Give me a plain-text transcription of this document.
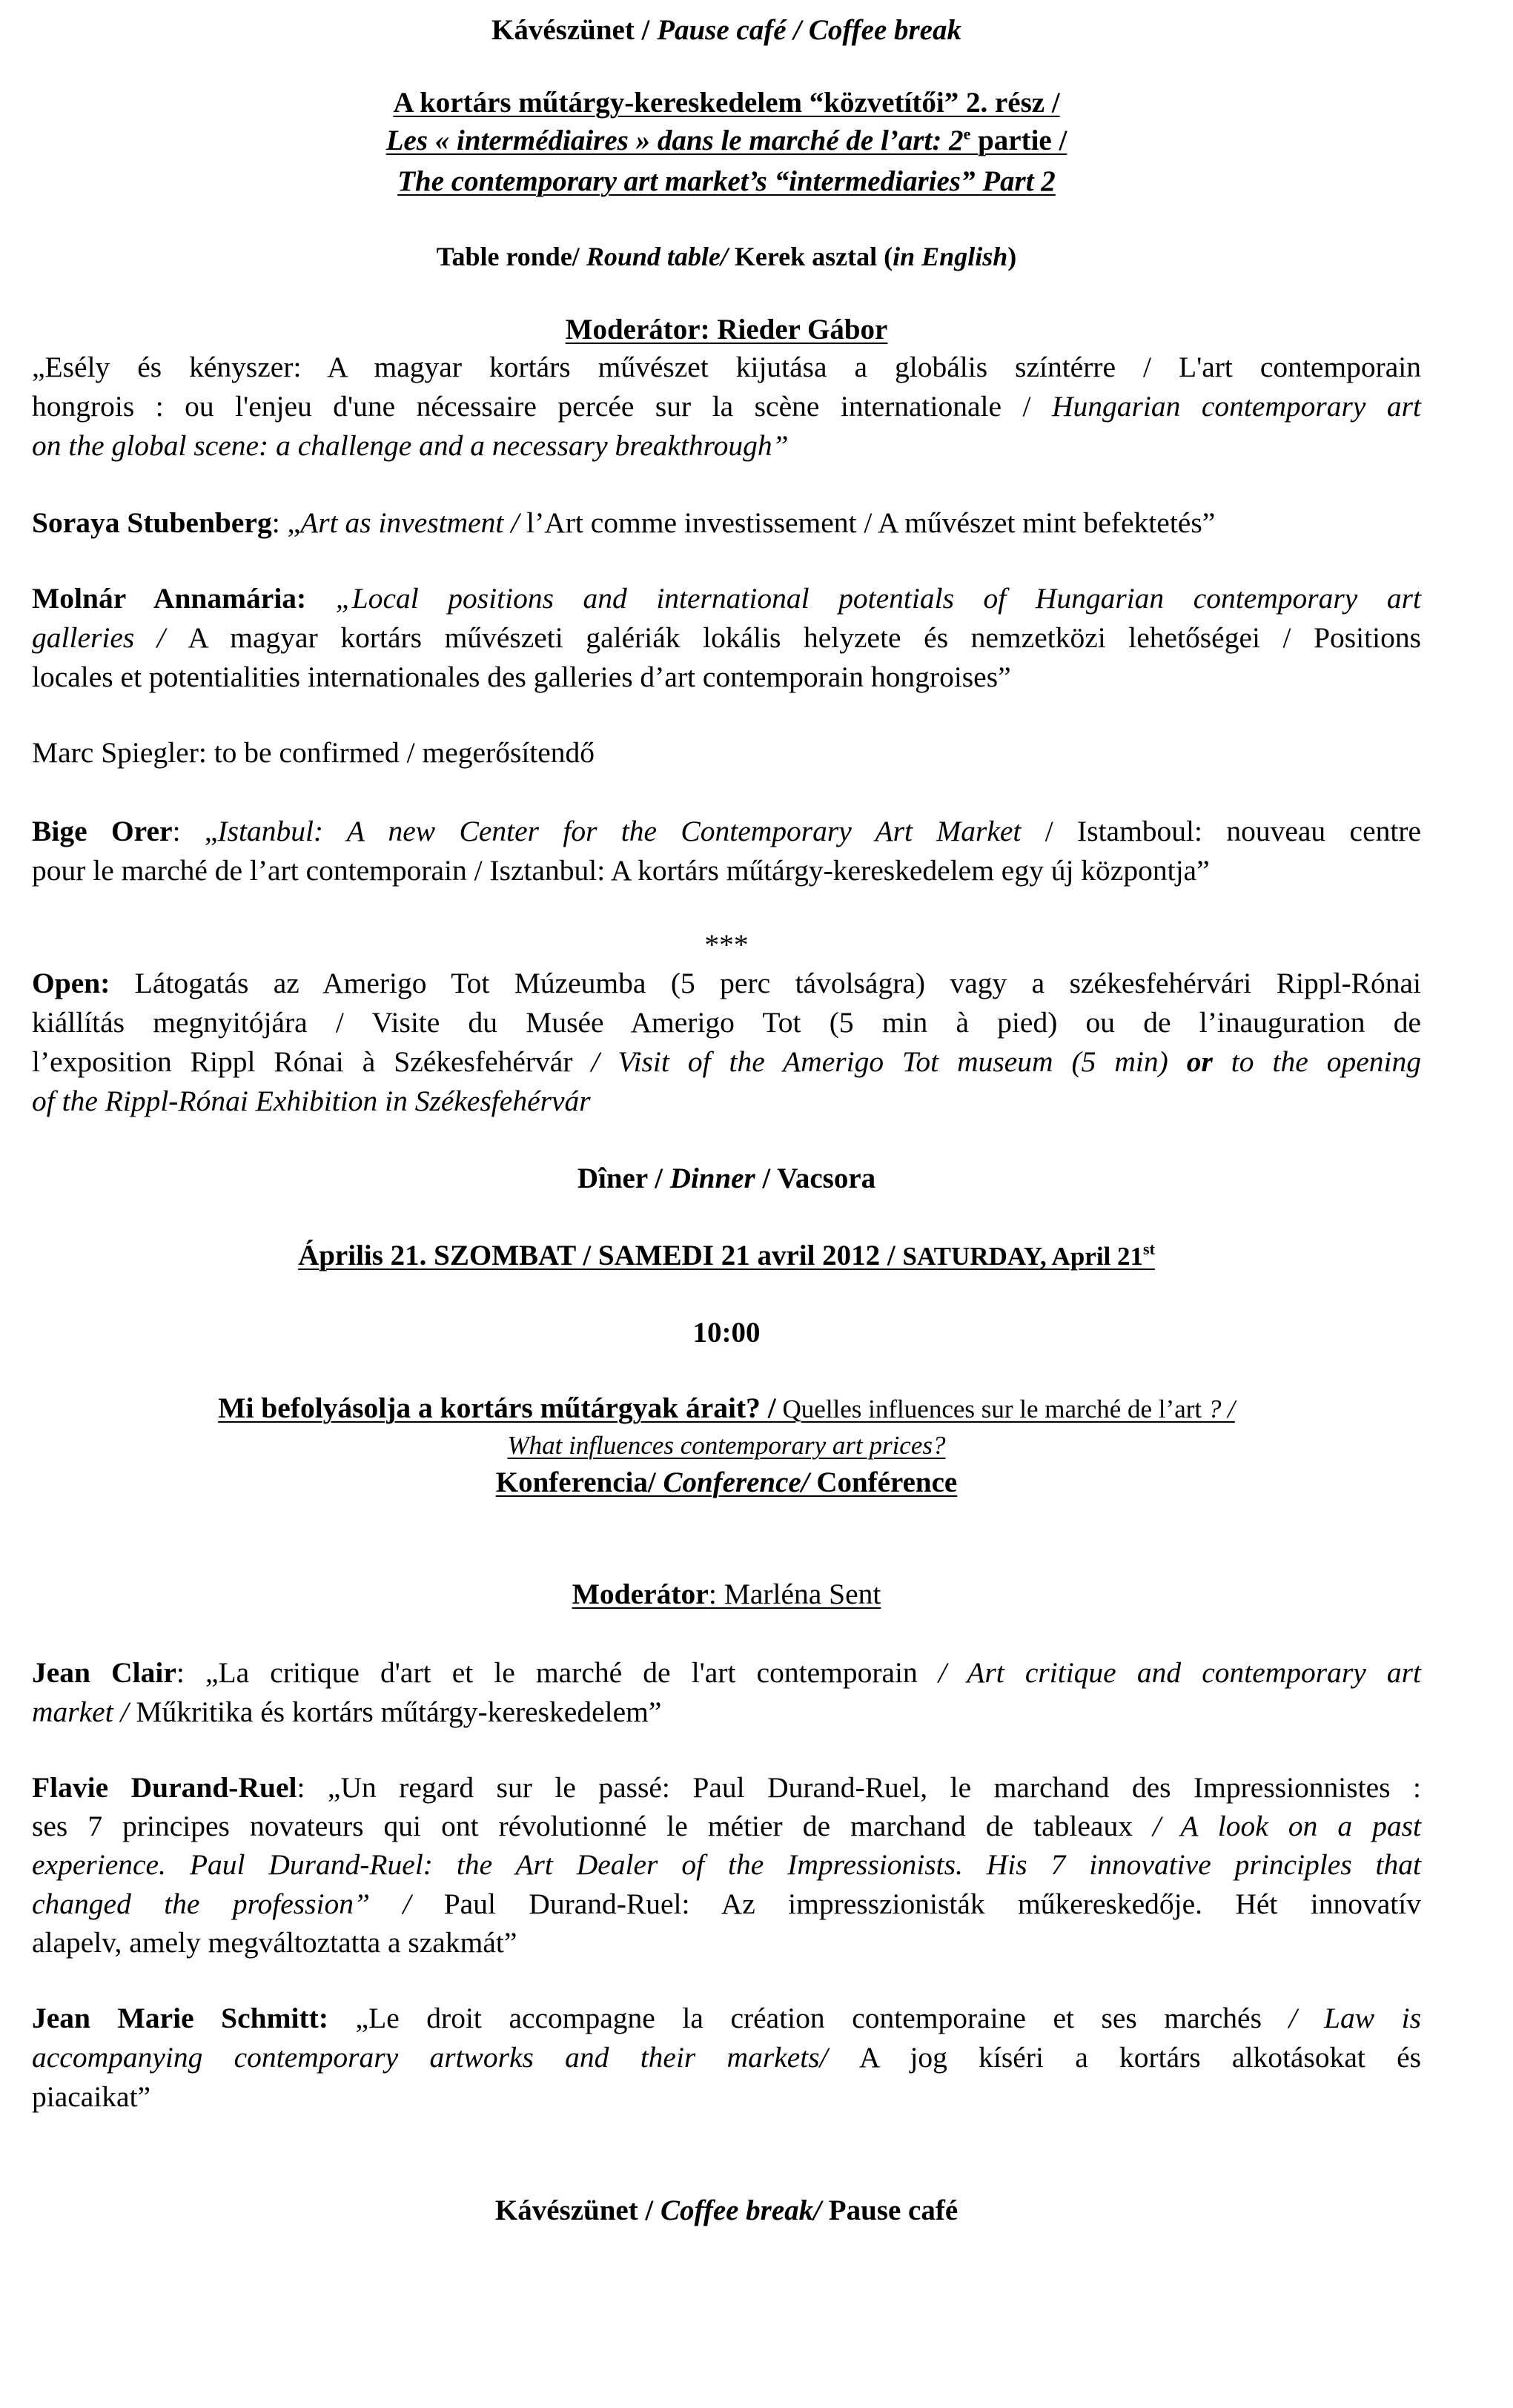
Kávészünet / Pause café / Coffee break
A kortárs műtárgy-kereskedelem “közvetítői” 2. rész /
Les « intermédiaires » dans le marché de l’art: 2e partie /
The contemporary art market’s “intermediaries” Part 2
Table ronde/ Round table/ Kerek asztal (in English)
Moderátor: Rieder Gábor
„Esély és kényszer: A magyar kortárs művészet kijutása a globális színtérre / L'art contemporain
hongrois : ou l'enjeu d'une nécessaire percée sur la scène internationale / Hungarian contemporary art
on the global scene: a challenge and a necessary breakthrough”
Soraya Stubenberg: „Art as investment / l’Art comme investissement / A művészet mint befektetés”
Molnár Annamária: „Local positions and international potentials of Hungarian contemporary art
galleries / A magyar kortárs művészeti galériák lokális helyzete és nemzetközi lehetőségei / Positions
locales et potentialities internationales des galleries d’art contemporain hongroises”
Marc Spiegler: to be confirmed / megerősítendő
Bige Orer: „Istanbul: A new Center for the Contemporary Art Market / Istamboul: nouveau centre
pour le marché de l’art contemporain / Isztanbul: A kortárs műtárgy-kereskedelem egy új központja”
***
Open: Látogatás az Amerigo Tot Múzeumba (5 perc távolságra) vagy a székesfehérvári Rippl-Rónai
kiállítás megnyitójára / Visite du Musée Amerigo Tot (5 min à pied) ou de l’inauguration de
l’exposition Rippl Rónai à Székesfehérvár / Visit of the Amerigo Tot museum (5 min) or to the opening
of the Rippl-Rónai Exhibition in Székesfehérvár
Dîner / Dinner / Vacsora
Április 21. SZOMBAT / SAMEDI 21 avril 2012 / SATURDAY, April 21st
10:00
Mi befolyásolja a kortárs műtárgyak árait? / Quelles influences sur le marché de l’art ? /
What influences contemporary art prices?
Konferencia/ Conference/ Conférence
Moderátor: Marléna Sent
Jean Clair: „La critique d'art et le marché de l'art contemporain / Art critique and contemporary art
market / Műkritika és kortárs műtárgy-kereskedelem”
Flavie Durand-Ruel: „Un regard sur le passé: Paul Durand-Ruel, le marchand des Impressionnistes :
ses 7 principes novateurs qui ont révolutionné le métier de marchand de tableaux / A look on a past
experience. Paul Durand-Ruel: the Art Dealer of the Impressionists. His 7 innovative principles that
changed the profession” / Paul Durand-Ruel: Az impresszionisták műkereskedője. Hét innovatív
alapelv, amely megváltoztatta a szakmát”
Jean Marie Schmitt: „Le droit accompagne la création contemporaine et ses marchés / Law is
accompanying contemporary artworks and their markets/ A jog kíséri a kortárs alkotásokat és
piacaikat”
Kávészünet / Coffee break/ Pause café
